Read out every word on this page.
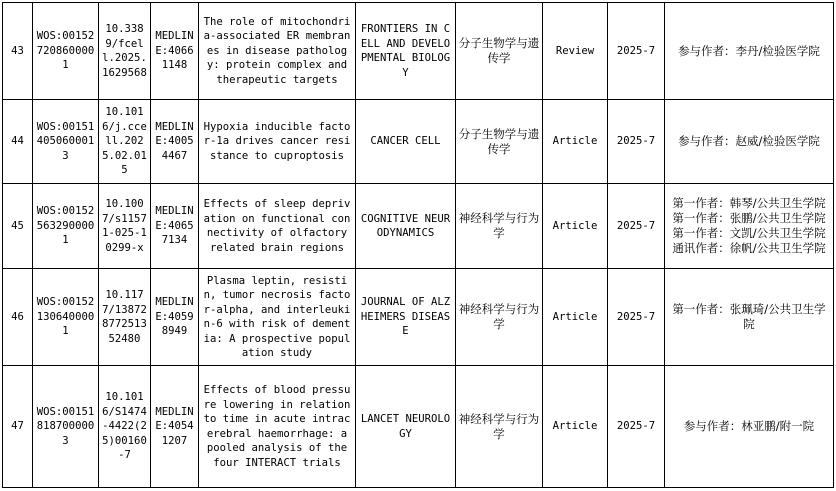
43	WOS:001527208600001	10.3389/fcell.2025.1629568	MEDLINE:40661148	The role of mitochondria-associated ER membranes in disease pathology: protein complex and therapeutic targets	FRONTIERS IN CELL AND DEVELOPMENTAL BIOLOGY	分子生物学与遗传学	Review	2025-7	参与作者：李丹/检验医学院

44	WOS:001514050600013	10.1016/j.ccell.2025.02.015	MEDLINE:40054467	Hypoxia inducible factor-1a drives cancer resistance to cuproptosis	CANCER CELL	分子生物学与遗传学	Article	2025-7	参与作者：赵威/检验医学院

45	WOS:001525632900001	10.1007/s11571-025-10299-x	MEDLINE:40657134	Effects of sleep deprivation on functional connectivity of olfactory related brain regions	COGNITIVE NEURODYNAMICS	神经科学与行为学	Article	2025-7	第一作者：韩琴/公共卫生学院
第一作者：张鹏/公共卫生学院
第一作者：文凯/公共卫生学院
通讯作者：徐帆/公共卫生学院

46	WOS:001521306400001	10.1177/13872877251352480	MEDLINE:40598949	Plasma leptin, resistin, tumor necrosis factor-alpha, and interleukin-6 with risk of dementia: A prospective population study	JOURNAL OF ALZHEIMERS DISEASE	神经科学与行为学	Article	2025-7	第一作者：张珮琦/公共卫生学院

47	WOS:001518187000003	10.1016/S1474-4422(25)00160-7	MEDLINE:40541207	Effects of blood pressure lowering in relation to time in acute intracerebral haemorrhage: a pooled analysis of the four INTERACT trials	LANCET NEUROLOGY	神经科学与行为学	Article	2025-7	参与作者：林亚鹏/附一院
